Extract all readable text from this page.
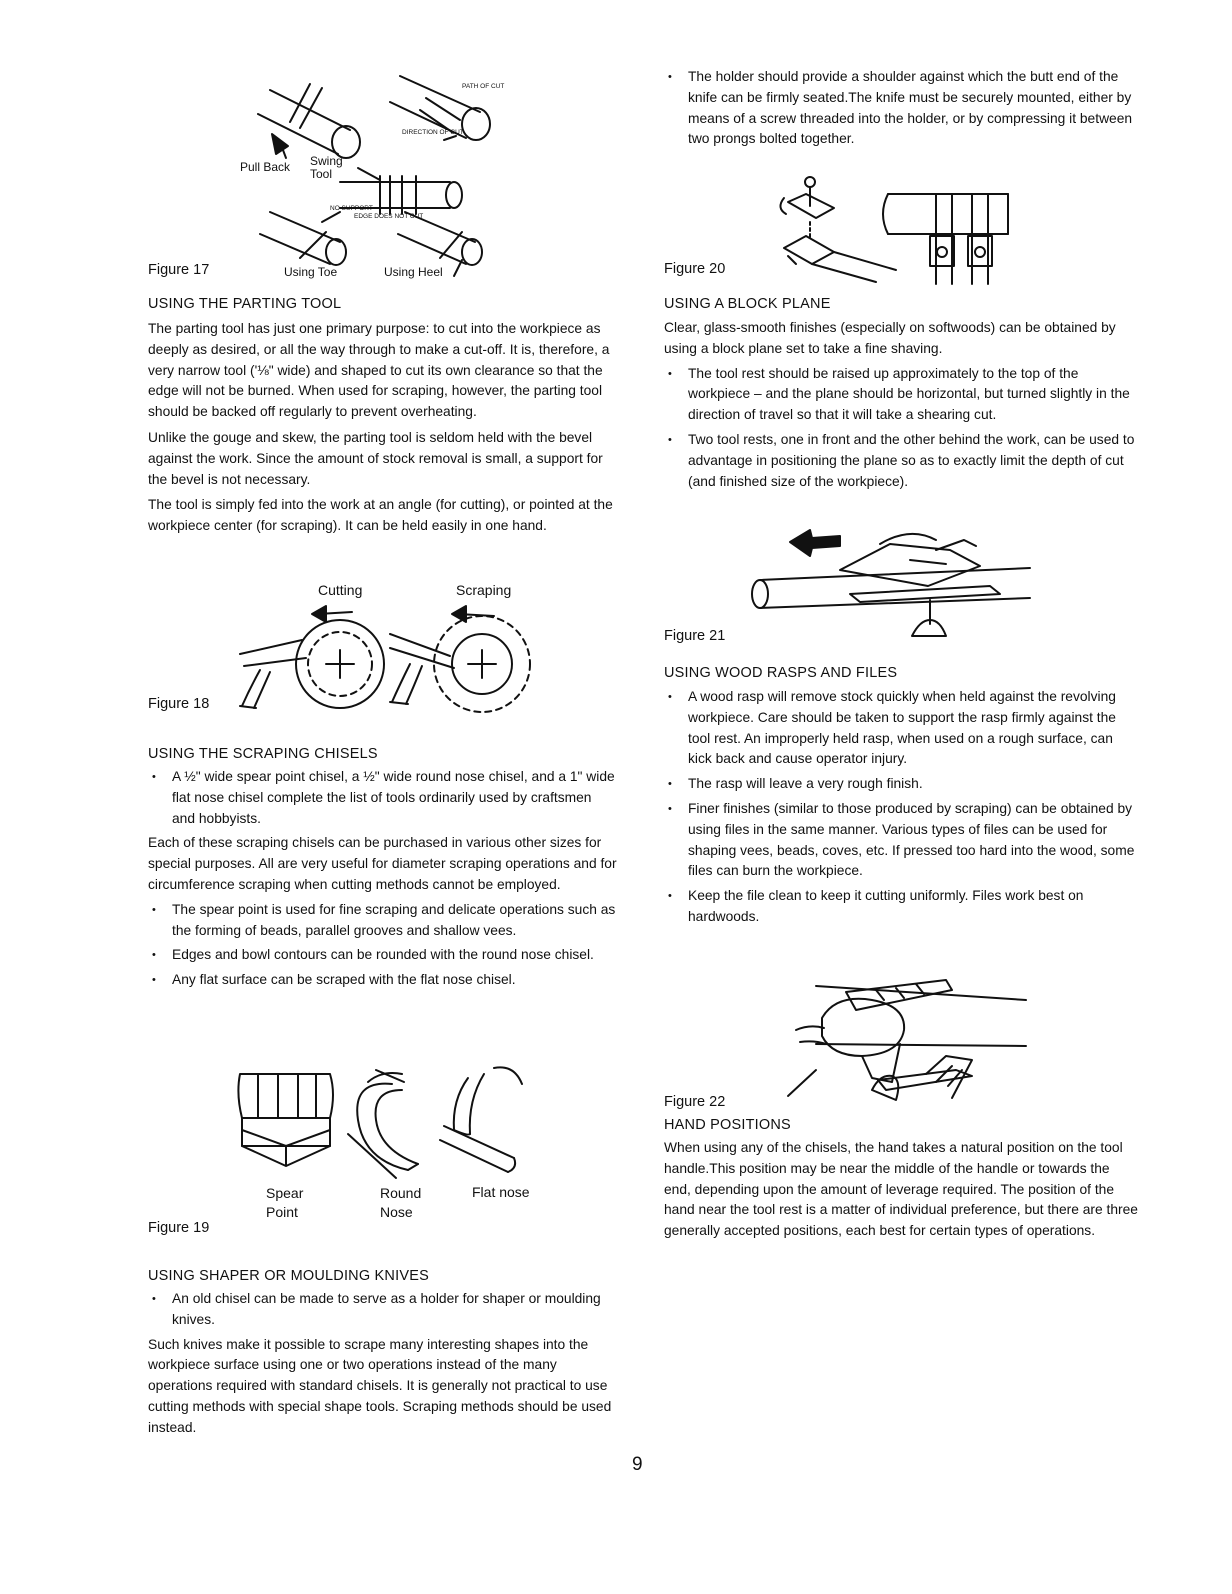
PATH OF CUT
DIRECTION OF CUT
NO SUPPORT
EDGE DOES NOT CUT
Pull Back Swing Tool
Figure 17	Using Toe	Using Heel
USING THE PARTING TOOL

The parting tool has just one primary purpose: to cut into the workpiece as deeply as desired, or all the way through to make a cut-off. It is, therefore, a very narrow tool ('⅛" wide) and shaped to cut its own clearance so that the edge will not be burned. When used for scraping, however, the parting tool should be backed off regularly to prevent overheating.

Unlike the gouge and skew, the parting tool is seldom held with the bevel against the work. Since the amount of stock removal is small, a support for the bevel is not necessary.

The tool is simply fed into the work at an angle (for cutting), or pointed at the workpiece center (for scraping). It can be held easily in one hand.

Cutting	Scraping
Figure 18
USING THE SCRAPING CHISELS
• A ½" wide spear point chisel, a ½" wide round nose chisel, and a 1" wide flat nose chisel complete the list of tools ordinarily used by craftsmen and hobbyists.

Each of these scraping chisels can be purchased in various other sizes for special purposes. All are very useful for diameter scraping operations and for circumference scraping when cutting methods cannot be employed.

• The spear point is used for fine scraping and delicate operations such as the forming of beads, parallel grooves and shallow vees.
• Edges and bowl contours can be rounded with the round nose chisel.
• Any flat surface can be scraped with the flat nose chisel.
Spear Point
Round Nose
Flat nose
Figure 19
USING SHAPER OR MOULDING KNIVES
• An old chisel can be made to serve as a holder for shaper or moulding knives.

Such knives make it possible to scrape many interesting shapes into the workpiece surface using one or two operations instead of the many operations required with standard chisels. It is generally not practical to use cutting methods with special shape tools. Scraping methods should be used instead.

• The holder should provide a shoulder against which the butt end of the knife can be firmly seated.The knife must be securely mounted, either by means of a screw threaded into the holder, or by compressing it between two prongs bolted together.
Figure 20
USING A BLOCK PLANE

Clear, glass-smooth finishes (especially on softwoods) can be obtained by using a block plane set to take a fine shaving.

• The tool rest should be raised up approximately to the top of the workpiece – and the plane should be horizontal, but turned slightly in the direction of travel so that it will take a shearing cut.
• Two tool rests, one in front and the other behind the work, can be used to advantage in positioning the plane so as to exactly limit the depth of cut (and finished size of the workpiece).
Figure 21
USING WOOD RASPS AND FILES
• A wood rasp will remove stock quickly when held against the revolving workpiece. Care should be taken to support the rasp firmly against the tool rest. An improperly held rasp, when used on a rough surface, can kick back and cause operator injury.
• The rasp will leave a very rough finish.
• Finer finishes (similar to those produced by scraping) can be obtained by using files in the same manner. Various types of files can be used for shaping vees, beads, coves, etc. If pressed too hard into the wood, some files can burn the workpiece.
• Keep the file clean to keep it cutting uniformly. Files work best on hardwoods.
Figure 22
HAND POSITIONS

When using any of the chisels, the hand takes a natural position on the tool handle.This position may be near the middle of the handle or towards the end, depending upon the amount of leverage required. The position of the hand near the tool rest is a matter of individual preference, but there are three generally accepted positions, each best for certain types of operations.

9
